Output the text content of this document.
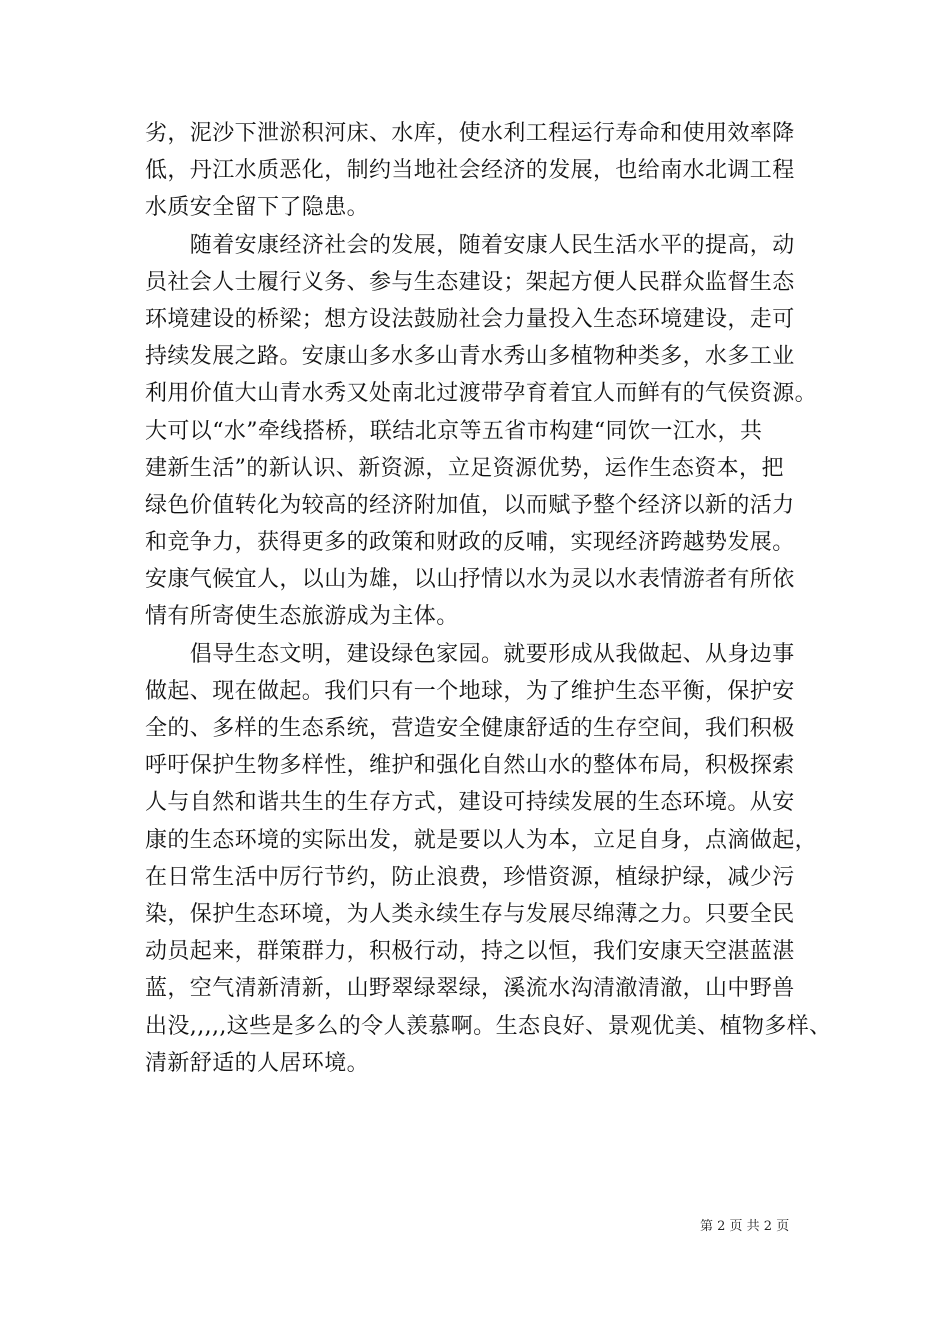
劣，泥沙下泄淤积河床、水库，使水利工程运行寿命和使用效率降
低，丹江水质恶化，制约当地社会经济的发展，也给南水北调工程
水质安全留下了隐患。
　　随着安康经济社会的发展，随着安康人民生活水平的提高，动
员社会人士履行义务、参与生态建设；架起方便人民群众监督生态
环境建设的桥梁；想方设法鼓励社会力量投入生态环境建设，走可
持续发展之路。安康山多水多山青水秀山多植物种类多，水多工业
利用价值大山青水秀又处南北过渡带孕育着宜人而鲜有的气侯资源。
大可以“水”牵线搭桥，联结北京等五省市构建“同饮一江水，共
建新生活”的新认识、新资源，立足资源优势，运作生态资本，把
绿色价值转化为较高的经济附加值，以而赋予整个经济以新的活力
和竞争力，获得更多的政策和财政的反哺，实现经济跨越势发展。
安康气候宜人，以山为雄，以山抒情以水为灵以水表情游者有所依
情有所寄使生态旅游成为主体。
　　倡导生态文明，建设绿色家园。就要形成从我做起、从身边事
做起、现在做起。我们只有一个地球，为了维护生态平衡，保护安
全的、多样的生态系统，营造安全健康舒适的生存空间，我们积极
呼吁保护生物多样性，维护和强化自然山水的整体布局，积极探索
人与自然和谐共生的生存方式，建设可持续发展的生态环境。从安
康的生态环境的实际出发，就是要以人为本，立足自身，点滴做起，
在日常生活中厉行节约，防止浪费，珍惜资源，植绿护绿，减少污
染，保护生态环境，为人类永续生存与发展尽绵薄之力。只要全民
动员起来，群策群力，积极行动，持之以恒，我们安康天空湛蓝湛
蓝，空气清新清新，山野翠绿翠绿，溪流水沟清澈清澈，山中野兽
出没,,,,,这些是多么的令人羡慕啊。生态良好、景观优美、植物多样、
清新舒适的人居环境。
第 2 页 共 2 页
